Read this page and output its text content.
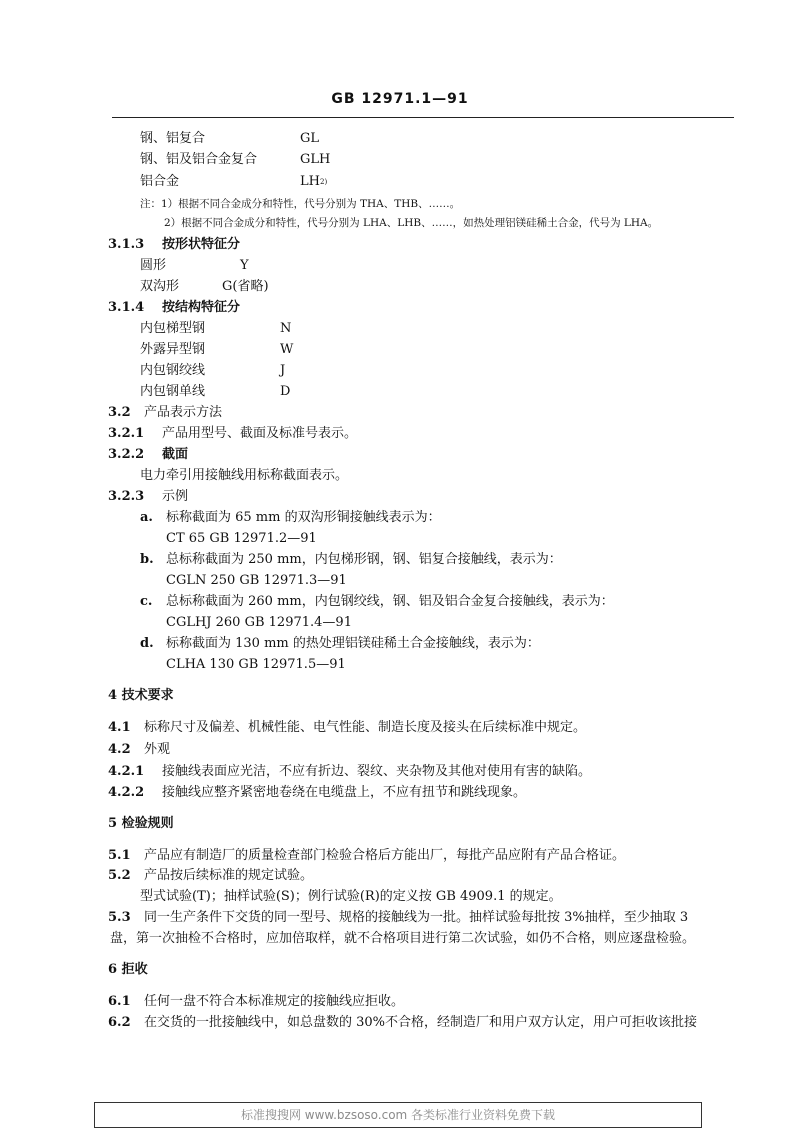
GB 12971.1—91
钢、铝复合	GL
钢、铝及铝合金复合	GLH
铝合金	LH$^{2)}$
注：1）根据不同合金成分和特性，代号分别为 THA、THB、……。
2）根据不同合金成分和特性，代号分别为 LHA、LHB、……，如热处理铝镁硅稀土合金，代号为 LHA。
3.1.3 按形状特征分
圆形	Y
双沟形	G(省略)
3.1.4 按结构特征分
内包梯型钢	N
外露异型钢	W
内包钢绞线	J
内包钢单线	D
3.2 产品表示方法
3.2.1 产品用型号、截面及标准号表示。
3.2.2 截面
电力牵引用接触线用标称截面表示。
3.2.3 示例
a. 标称截面为 65 mm 的双沟形铜接触线表示为：
CT 65 GB 12971.2—91
b. 总标称截面为 250 mm，内包梯形钢，钢、铝复合接触线，表示为：
CGLN 250 GB 12971.3—91
c. 总标称截面为 260 mm，内包钢绞线，钢、铝及铝合金复合接触线，表示为：
CGLHJ 260 GB 12971.4—91
d. 标称截面为 130 mm 的热处理铝镁硅稀土合金接触线，表示为：
CLHA 130 GB 12971.5—91
4 技术要求
4.1 标称尺寸及偏差、机械性能、电气性能、制造长度及接头在后续标准中规定。
4.2 外观
4.2.1 接触线表面应光洁，不应有折边、裂纹、夹杂物及其他对使用有害的缺陷。
4.2.2 接触线应整齐紧密地卷绕在电缆盘上，不应有扭节和跳线现象。
5 检验规则
5.1 产品应有制造厂的质量检查部门检验合格后方能出厂，每批产品应附有产品合格证。
5.2 产品按后续标准的规定试验。
型式试验(T)；抽样试验(S)；例行试验(R)的定义按 GB 4909.1 的规定。
5.3 同一生产条件下交货的同一型号、规格的接触线为一批。抽样试验每批按 3%抽样，至少抽取 3
盘，第一次抽检不合格时，应加倍取样，就不合格项目进行第二次试验，如仍不合格，则应逐盘检验。
6 拒收
6.1 任何一盘不符合本标准规定的接触线应拒收。
6.2 在交货的一批接触线中，如总盘数的 30%不合格，经制造厂和用户双方认定，用户可拒收该批接
标准搜搜网 www.bzsoso.com 各类标准行业资料免费下载
